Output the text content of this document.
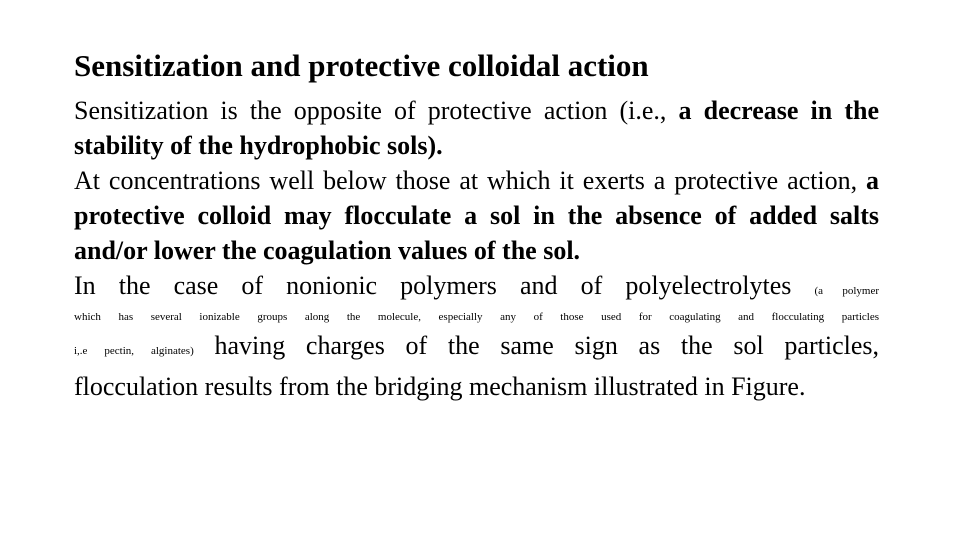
Sensitization and protective colloidal action

Sensitization is the opposite of protective action (i.e., a decrease in the stability of the hydrophobic sols).

At concentrations well below those at which it exerts a protective action, a protective colloid may flocculate a sol in the absence of added salts and/or lower the coagulation values of the sol.

In the case of nonionic polymers and of polyelectrolytes (a polymer
which has several ionizable groups along the molecule, especially any of those used for coagulating and flocculating particles
i,.e pectin, alginates) having charges of the same sign as the sol particles,
flocculation results from the bridging mechanism illustrated in Figure.
